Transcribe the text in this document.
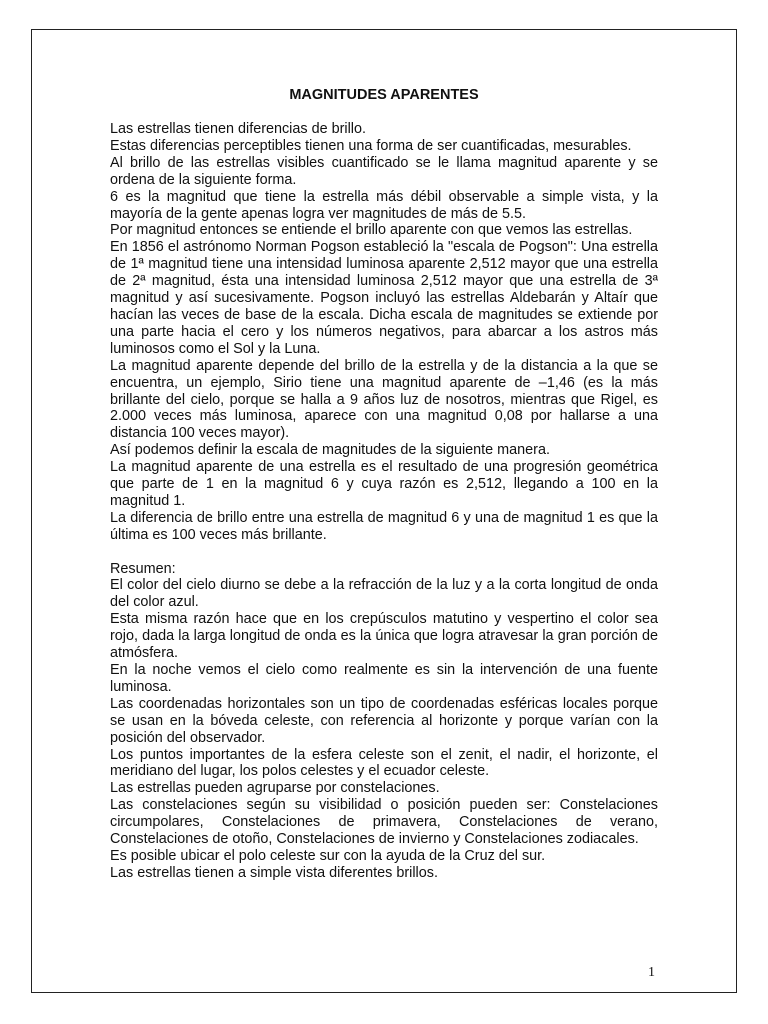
MAGNITUDES APARENTES

Las estrellas tienen diferencias de brillo.

Estas diferencias perceptibles tienen una forma de ser cuantificadas, mesurables.

Al brillo de las estrellas visibles cuantificado se le llama magnitud aparente y se ordena de la siguiente forma.

6 es la magnitud que tiene la estrella más débil observable a simple vista, y la mayoría de la gente apenas logra ver magnitudes de más de 5.5.

Por magnitud entonces se entiende el brillo aparente con que vemos las estrellas.

En 1856 el astrónomo Norman Pogson estableció la "escala de Pogson": Una estrella de 1ª magnitud tiene una intensidad luminosa aparente 2,512 mayor que una estrella de 2ª magnitud, ésta una intensidad luminosa 2,512 mayor que una estrella de 3ª magnitud y así sucesivamente. Pogson incluyó las estrellas Aldebarán y Altaír que hacían las veces de base de la escala. Dicha escala de magnitudes se extiende por una parte hacia el cero y los números negativos, para abarcar a los astros más luminosos como el Sol y la Luna.

La magnitud aparente depende del brillo de la estrella y de la distancia a la que se encuentra, un ejemplo, Sirio tiene una magnitud aparente de –1,46 (es la más brillante del cielo, porque se halla a 9 años luz de nosotros, mientras que Rigel, es 2.000 veces más luminosa, aparece con una magnitud 0,08 por hallarse a una distancia 100 veces mayor).

Así podemos definir la escala de magnitudes de la siguiente manera.

La magnitud aparente de una estrella es el resultado de una progresión geométrica que parte de 1 en la magnitud 6 y cuya razón es 2,512, llegando a 100 en la magnitud 1.

La diferencia de brillo entre una estrella de magnitud 6 y una de magnitud 1 es que la última es 100 veces más brillante.

Resumen:

El color del cielo diurno se debe a la refracción de la luz y a la corta longitud de onda del color azul.

Esta misma razón hace que en los crepúsculos matutino y vespertino el color sea rojo, dada la larga longitud de onda es la única que logra atravesar la gran porción de atmósfera.

En la noche vemos el cielo como realmente es sin la intervención de una fuente luminosa.

Las coordenadas horizontales son un tipo de coordenadas esféricas locales porque se usan en la bóveda celeste, con referencia al horizonte y porque varían con la posición del observador.

Los puntos importantes de la esfera celeste son el zenit, el nadir, el horizonte, el meridiano del lugar, los polos celestes y el ecuador celeste.

Las estrellas pueden agruparse por constelaciones.

Las constelaciones según su visibilidad o posición pueden ser: Constelaciones circumpolares, Constelaciones de primavera, Constelaciones de verano, Constelaciones de otoño, Constelaciones de invierno y Constelaciones zodiacales.

Es posible ubicar el polo celeste sur con la ayuda de la Cruz del sur.

Las estrellas tienen a simple vista diferentes brillos.

1
